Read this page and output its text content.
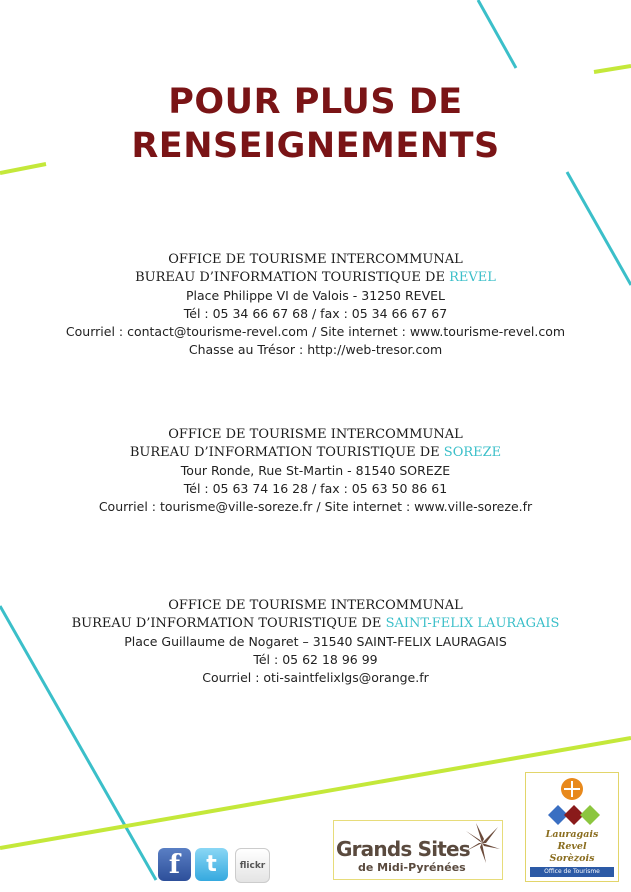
POUR PLUS DE
RENSEIGNEMENTS
OFFICE DE TOURISME INTERCOMMUNAL
BUREAU D’INFORMATION TOURISTIQUE DE REVEL
Place Philippe VI de Valois - 31250 REVEL
Tél : 05 34 66 67 68 / fax : 05 34 66 67 67
Courriel : contact@tourisme-revel.com / Site internet : www.tourisme-revel.com
Chasse au Trésor : http://web-tresor.com
OFFICE DE TOURISME INTERCOMMUNAL
BUREAU D’INFORMATION TOURISTIQUE DE SOREZE
Tour Ronde, Rue St-Martin - 81540 SOREZE
Tél : 05 63 74 16 28 / fax : 05 63 50 86 61
Courriel : tourisme@ville-soreze.fr / Site internet : www.ville-soreze.fr
OFFICE DE TOURISME INTERCOMMUNAL
BUREAU D’INFORMATION TOURISTIQUE DE SAINT-FELIX LAURAGAIS
Place Guillaume de Nogaret – 31540 SAINT-FELIX LAURAGAIS
Tél : 05 62 18 96 99
Courriel : oti-saintfelixlgs@orange.fr
f	t	flickr
Grands Sites
de Midi-Pyrénées
Lauragais
Revel
Sorèzois
Office de Tourisme
